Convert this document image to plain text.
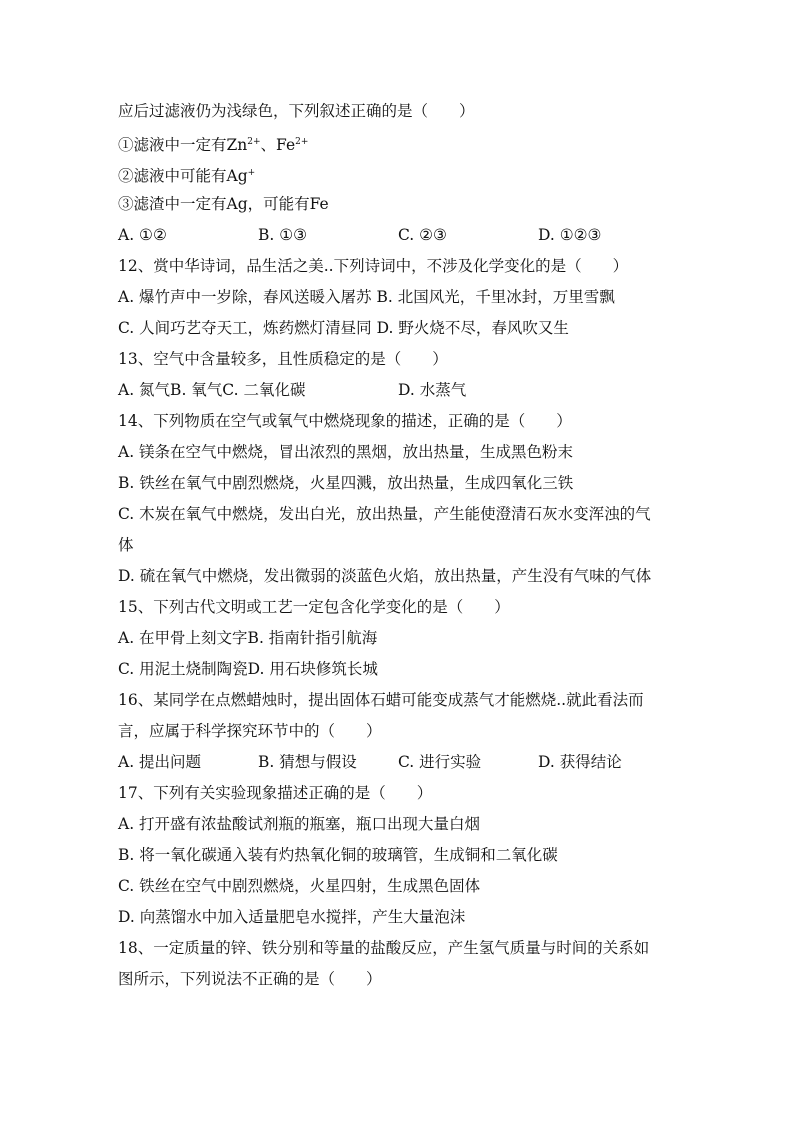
应后过滤液仍为浅绿色，下列叙述正确的是（　　）
①滤液中一定有$Zn^{2+}$、$Fe^{2+}$
②滤液中可能有Ag+
③滤渣中一定有Ag，可能有Fe
A. ①②	B. ①③	C. ②③	D. ①②③
12、赏中华诗词，品生活之美..下列诗词中，不涉及化学变化的是（　　）
A. 爆竹声中一岁除，春风送暖入屠苏 B. 北国风光，千里冰封，万里雪飘
C. 人间巧艺夺天工，炼药燃灯清昼同 D. 野火烧不尽，春风吹又生
13、空气中含量较多，且性质稳定的是（　　）
A. 氮气B. 氧气C. 二氧化碳	D. 水蒸气
14、下列物质在空气或氧气中燃烧现象的描述，正确的是（　　）
A. 镁条在空气中燃烧，冒出浓烈的黑烟，放出热量，生成黑色粉末
B. 铁丝在氧气中剧烈燃烧，火星四溅，放出热量，生成四氧化三铁
C. 木炭在氧气中燃烧，发出白光，放出热量，产生能使澄清石灰水变浑浊的气
体
D. 硫在氧气中燃烧，发出微弱的淡蓝色火焰，放出热量，产生没有气味的气体
15、下列古代文明或工艺一定包含化学变化的是（　　）
A. 在甲骨上刻文字B. 指南针指引航海
C. 用泥土烧制陶瓷D. 用石块修筑长城
16、某同学在点燃蜡烛时，提出固体石蜡可能变成蒸气才能燃烧..就此看法而
言，应属于科学探究环节中的（　　）
A. 提出问题	B. 猜想与假设	C. 进行实验	D. 获得结论
17、下列有关实验现象描述正确的是（　　）
A. 打开盛有浓盐酸试剂瓶的瓶塞，瓶口出现大量白烟
B. 将一氧化碳通入装有灼热氧化铜的玻璃管，生成铜和二氧化碳
C. 铁丝在空气中剧烈燃烧，火星四射，生成黑色固体
D. 向蒸馏水中加入适量肥皂水搅拌，产生大量泡沫
18、一定质量的锌、铁分别和等量的盐酸反应，产生氢气质量与时间的关系如
图所示，下列说法不正确的是（　　）
